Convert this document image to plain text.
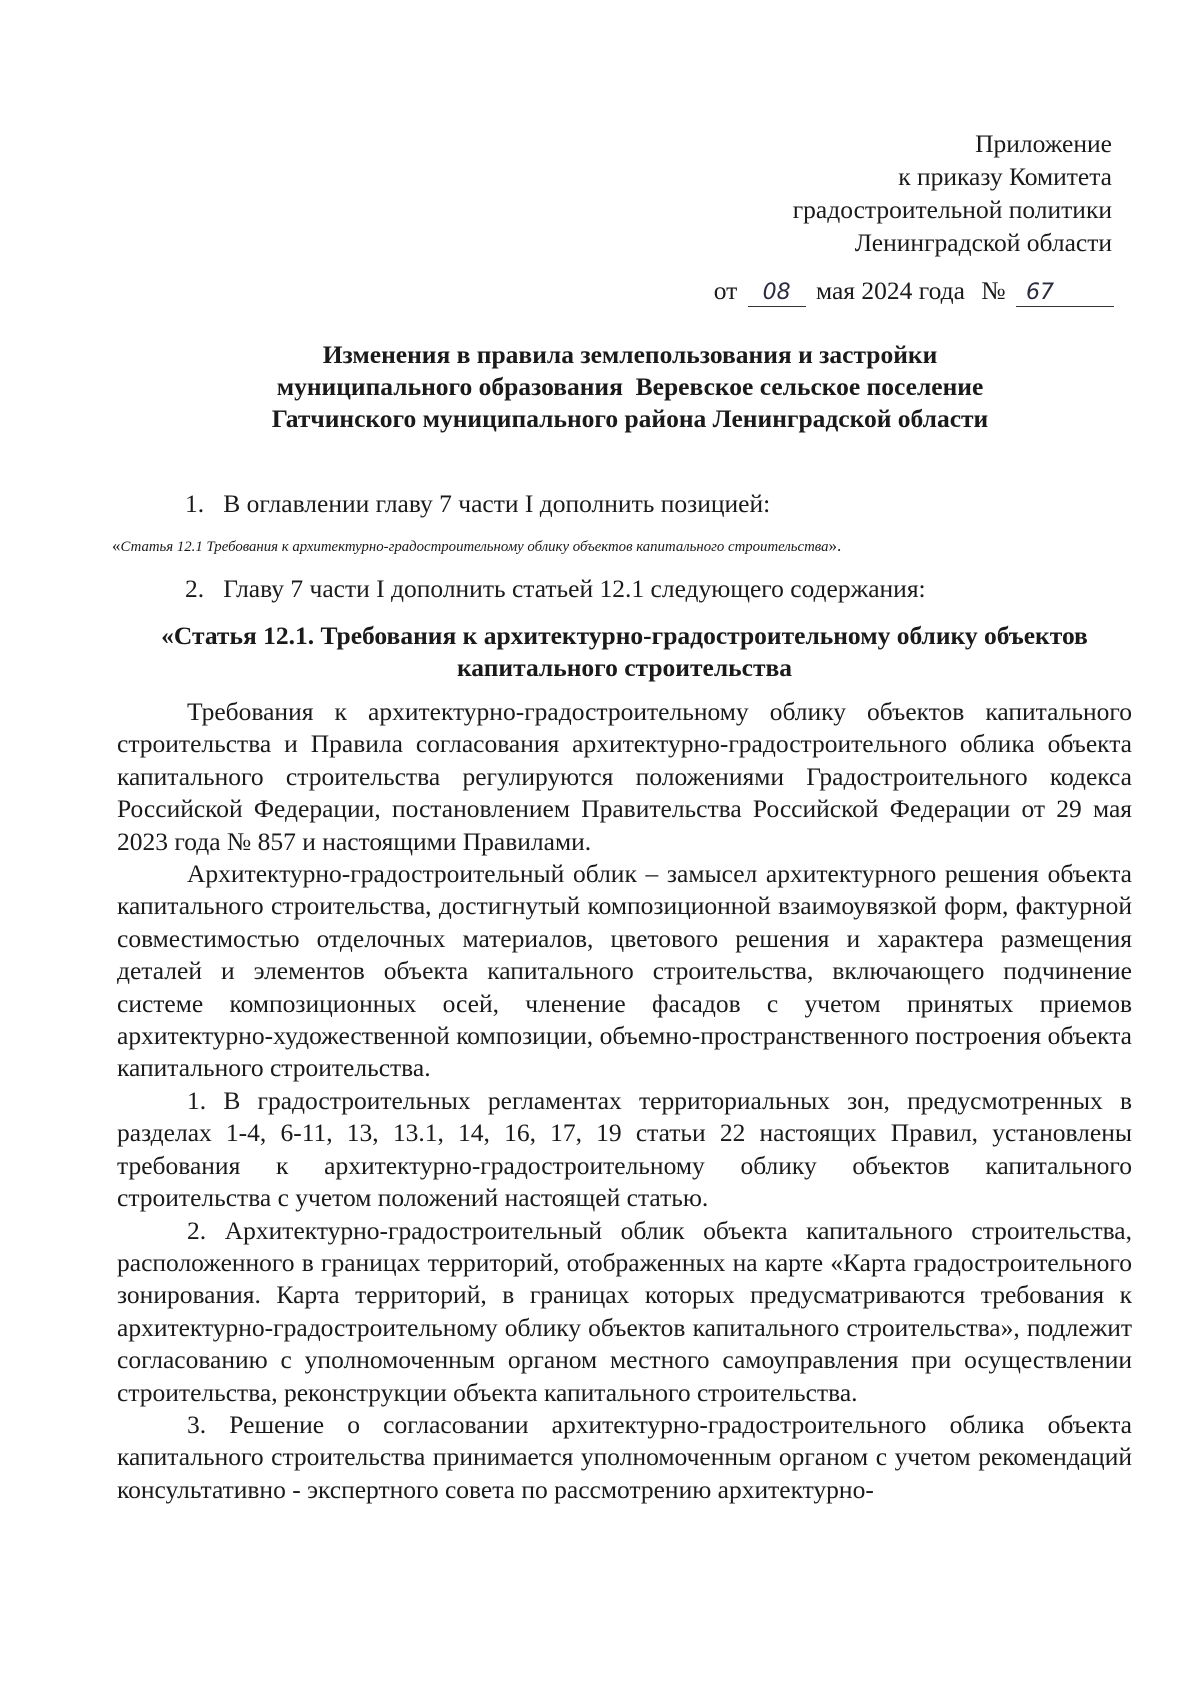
Приложение
к приказу Комитета
градостроительной политики
Ленинградской области
от 08 мая 2024 года № 67
Изменения в правила землепользования и застройки
муниципального образования  Веревское сельское поселение
Гатчинского муниципального района Ленинградской области
1. В оглавлении главу 7 части I дополнить позицией:
«Статья 12.1 Требования к архитектурно-градостроительному облику объектов капитального строительства».
2. Главу 7 части I дополнить статьей 12.1 следующего содержания:
«Статья 12.1. Требования к архитектурно-градостроительному облику объектов капитального строительства

Требования к архитектурно-градостроительному облику объектов капитального строительства и Правила согласования архитектурно-градостроительного облика объекта капитального строительства регулируются положениями Градостроительного кодекса Российской Федерации, постановлением Правительства Российской Федерации от 29 мая 2023 года № 857 и настоящими Правилами.

Архитектурно-градостроительный облик – замысел архитектурного решения объекта капитального строительства, достигнутый композиционной взаимоувязкой форм, фактурной совместимостью отделочных материалов, цветового решения и характера размещения деталей и элементов объекта капитального строительства, включающего подчинение системе композиционных осей, членение фасадов с учетом принятых приемов архитектурно-художественной композиции, объемно-пространственного построения объекта капитального строительства.

1. В градостроительных регламентах территориальных зон, предусмотренных в разделах 1-4, 6-11, 13, 13.1, 14, 16, 17, 19 статьи 22 настоящих Правил, установлены требования к архитектурно-градостроительному облику объектов капитального строительства с учетом положений настоящей статью.

2. Архитектурно-градостроительный облик объекта капитального строительства, расположенного в границах территорий, отображенных на карте «Карта градостроительного зонирования. Карта территорий, в границах которых предусматриваются требования к архитектурно-градостроительному облику объектов капитального строительства», подлежит согласованию с уполномоченным органом местного самоуправления при осуществлении строительства, реконструкции объекта капитального строительства.

3. Решение о согласовании архитектурно-градостроительного облика объекта капитального строительства принимается уполномоченным органом с учетом рекомендаций консультативно - экспертного совета по рассмотрению архитектурно-
